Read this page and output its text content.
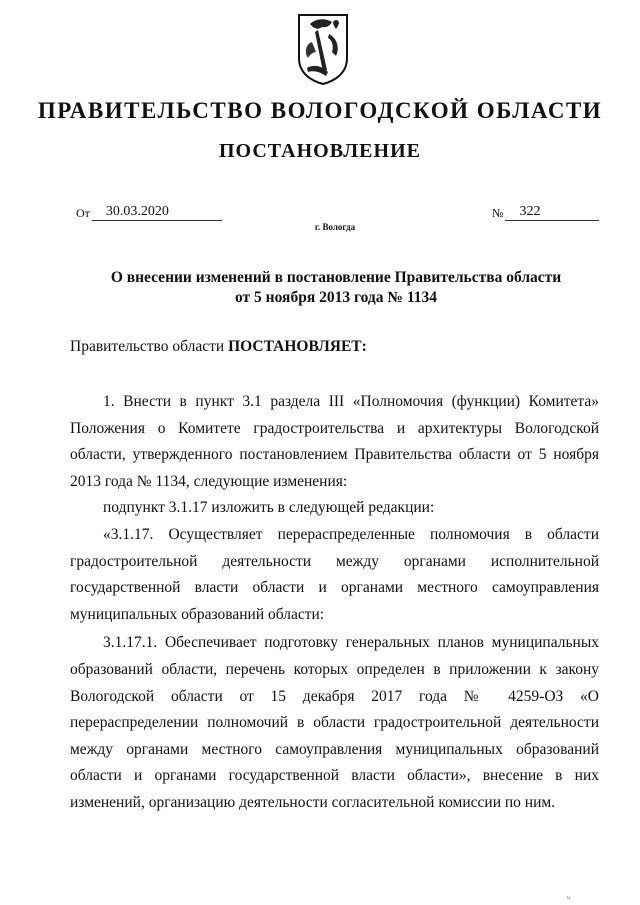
ПРАВИТЕЛЬСТВО ВОЛОГОДСКОЙ ОБЛАСТИ
ПОСТАНОВЛЕНИЕ
От	30.03.2020	№	322
г. Вологда
О внесении изменений в постановление Правительства области
от 5 ноября 2013 года № 1134

Правительство области ПОСТАНОВЛЯЕТ:

1. Внести в пункт 3.1 раздела III «Полномочия (функции) Комитета» Положения о Комитете градостроительства и архитектуры Вологодской области, утвержденного постановлением Правительства области от 5 ноября 2013 года № 1134, следующие изменения:

подпункт 3.1.17 изложить в следующей редакции:

«3.1.17. Осуществляет перераспределенные полномочия в области градостроительной деятельности между органами исполнительной государственной власти области и органами местного самоуправления муниципальных образований области:

3.1.17.1. Обеспечивает подготовку генеральных планов муниципальных образований области, перечень которых определен в приложении к закону Вологодской области от 15 декабря 2017 года № 4259-ОЗ «О перераспределении полномочий в области градостроительной деятельности между органами местного самоуправления муниципальных образований области и органами государственной власти области», внесение в них изменений, организацию деятельности согласительной комиссии по ним.

u
